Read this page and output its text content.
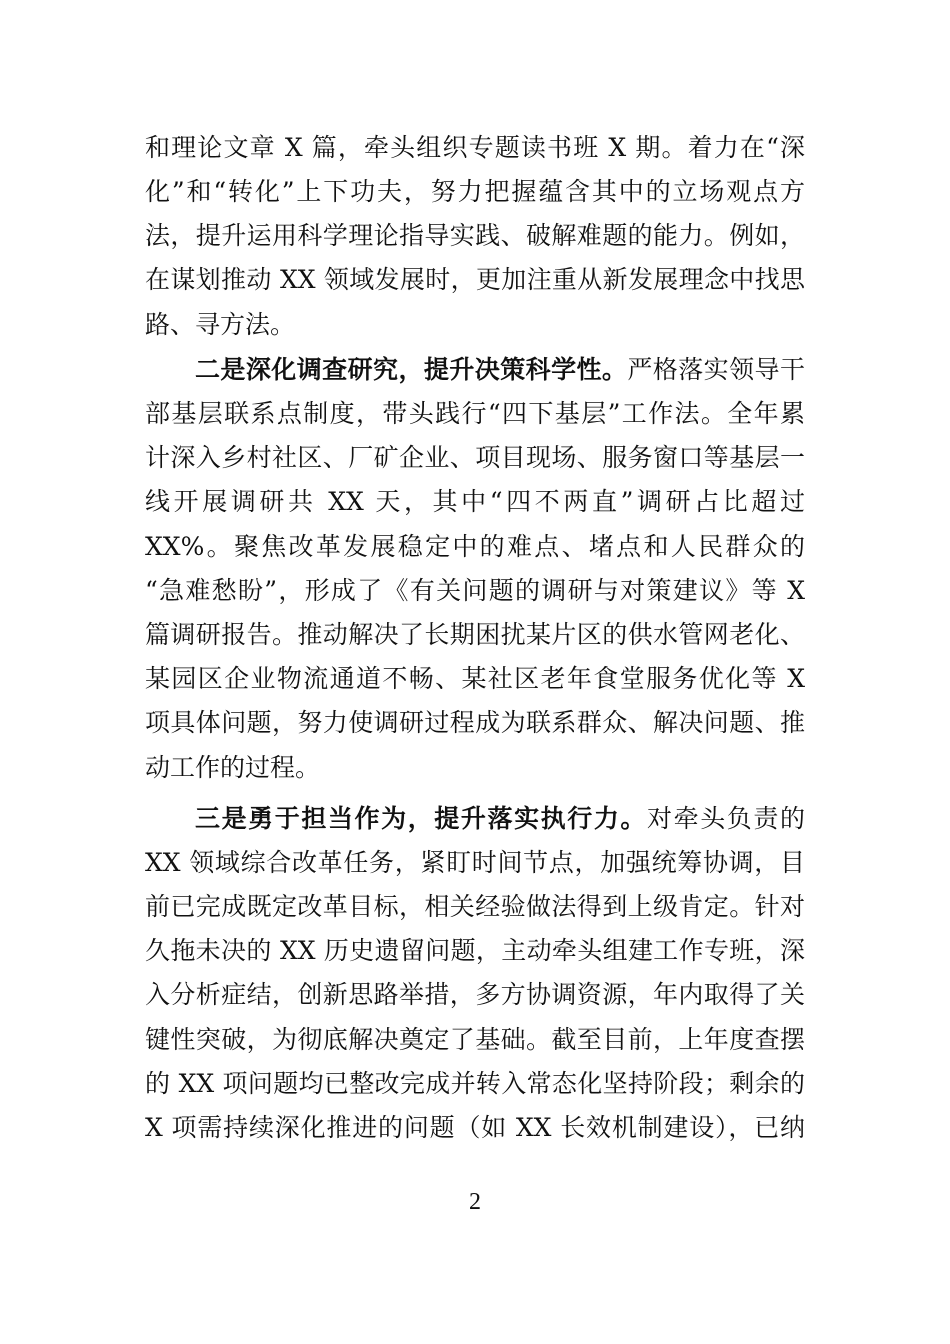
和理论文章 X 篇，牵头组织专题读书班 X 期。着力在“深
化”和“转化”上下功夫，努力把握蕴含其中的立场观点方
法，提升运用科学理论指导实践、破解难题的能力。例如，
在谋划推动 XX 领域发展时，更加注重从新发展理念中找思
路、寻方法。
二是深化调查研究，提升决策科学性。严格落实领导干
部基层联系点制度，带头践行“四下基层”工作法。全年累
计深入乡村社区、厂矿企业、项目现场、服务窗口等基层一
线开展调研共 XX 天，其中“四不两直”调研占比超过
XX%。聚焦改革发展稳定中的难点、堵点和人民群众的
“急难愁盼”，形成了《有关问题的调研与对策建议》等 X
篇调研报告。推动解决了长期困扰某片区的供水管网老化、
某园区企业物流通道不畅、某社区老年食堂服务优化等 X
项具体问题，努力使调研过程成为联系群众、解决问题、推
动工作的过程。
三是勇于担当作为，提升落实执行力。对牵头负责的
XX 领域综合改革任务，紧盯时间节点，加强统筹协调，目
前已完成既定改革目标，相关经验做法得到上级肯定。针对
久拖未决的 XX 历史遗留问题，主动牵头组建工作专班，深
入分析症结，创新思路举措，多方协调资源，年内取得了关
键性突破，为彻底解决奠定了基础。截至目前，上年度查摆
的 XX 项问题均已整改完成并转入常态化坚持阶段；剩余的
X 项需持续深化推进的问题（如 XX 长效机制建设），已纳
2
